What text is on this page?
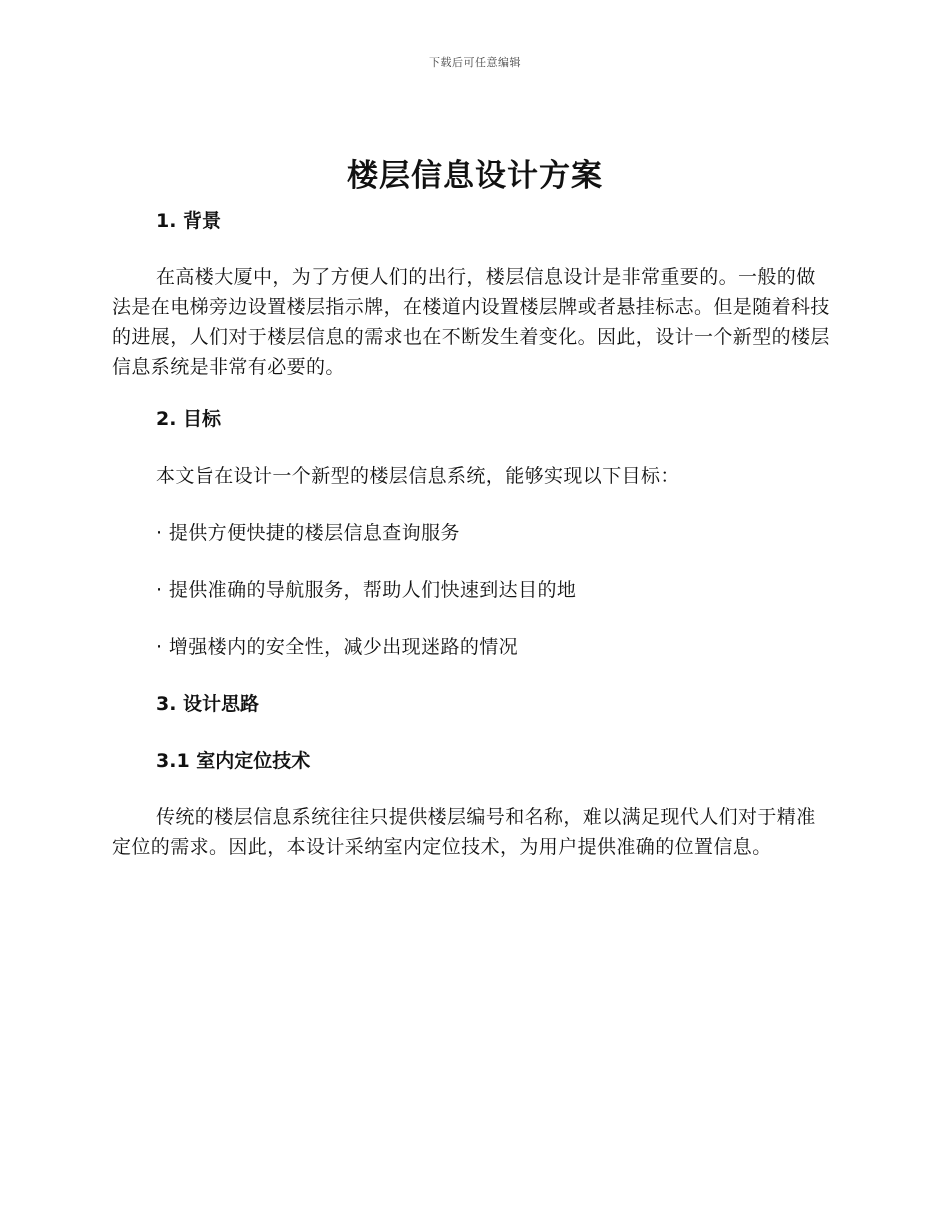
下载后可任意编辑
楼层信息设计方案

1. 背景

在高楼大厦中，为了方便人们的出行，楼层信息设计是非常重要的。一般的做法是在电梯旁边设置楼层指示牌，在楼道内设置楼层牌或者悬挂标志。但是随着科技的进展，人们对于楼层信息的需求也在不断发生着变化。因此，设计一个新型的楼层信息系统是非常有必要的。

2. 目标

本文旨在设计一个新型的楼层信息系统，能够实现以下目标：

· 提供方便快捷的楼层信息查询服务

· 提供准确的导航服务，帮助人们快速到达目的地

· 增强楼内的安全性，减少出现迷路的情况

3. 设计思路

3.1 室内定位技术

传统的楼层信息系统往往只提供楼层编号和名称，难以满足现代人们对于精准定位的需求。因此，本设计采纳室内定位技术，为用户提供准确的位置信息。
